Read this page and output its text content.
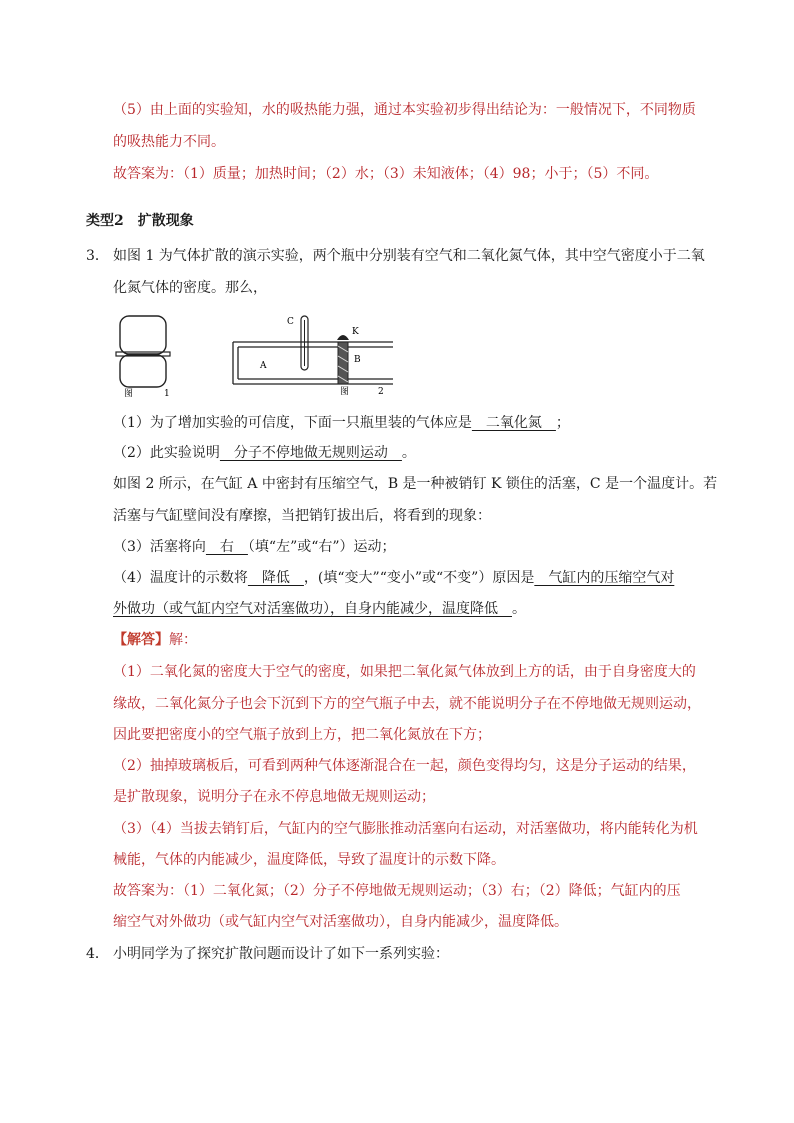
（5）由上面的实验知，水的吸热能力强，通过本实验初步得出结论为：一般情况下，不同物质
的吸热能力不同。
故答案为：（1）质量；加热时间；（2）水；（3）未知液体；（4）98；小于；（5）不同。
类型2　扩散现象
3． 如图 1 为气体扩散的演示实验，两个瓶中分别装有空气和二氧化氮气体，其中空气密度小于二氧
化氮气体的密度。那么，
图	1
C
K
A
B
图	2
（1）为了增加实验的可信度，下面一只瓶里装的气体应是　二氧化氮　；
（2）此实验说明　分子不停地做无规则运动　。
如图 2 所示，在气缸 A 中密封有压缩空气，B 是一种被销钉 K 锁住的活塞，C 是一个温度计。若
活塞与气缸壁间没有摩擦，当把销钉拔出后，将看到的现象：
（3）活塞将向　右　（填“左”或“右”）运动；
（4）温度计的示数将　降低　，(填“变大”“变小”或“不变”）原因是　气缸内的压缩空气对
外做功（或气缸内空气对活塞做功），自身内能减少，温度降低　。
【解答】解：
（1）二氧化氮的密度大于空气的密度，如果把二氧化氮气体放到上方的话，由于自身密度大的
缘故，二氧化氮分子也会下沉到下方的空气瓶子中去，就不能说明分子在不停地做无规则运动，
因此要把密度小的空气瓶子放到上方，把二氧化氮放在下方；
（2）抽掉玻璃板后，可看到两种气体逐渐混合在一起，颜色变得均匀，这是分子运动的结果，
是扩散现象，说明分子在永不停息地做无规则运动；
（3）（4）当拔去销钉后，气缸内的空气膨胀推动活塞向右运动，对活塞做功，将内能转化为机
械能，气体的内能减少，温度降低，导致了温度计的示数下降。
故答案为：（1）二氧化氮；（2）分子不停地做无规则运动；（3）右；（2）降低；气缸内的压
缩空气对外做功（或气缸内空气对活塞做功），自身内能减少，温度降低。
4． 小明同学为了探究扩散问题而设计了如下一系列实验：
